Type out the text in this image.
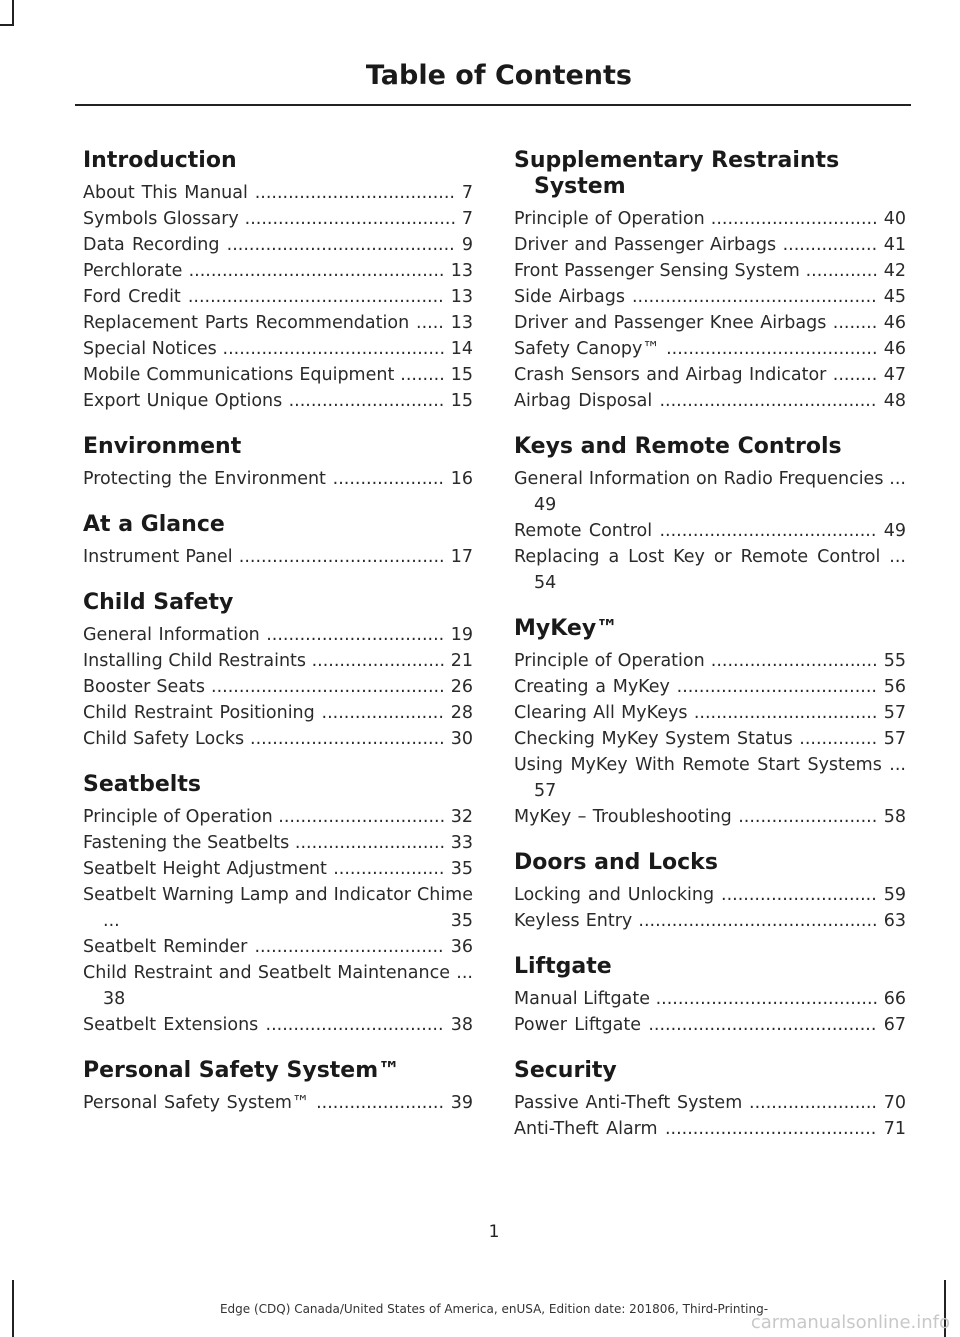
Table of Contents
Introduction
About This Manual .................................... 7
Symbols Glossary ...................................... 7
Data Recording ......................................... 9
Perchlorate .............................................. 13
Ford Credit .............................................. 13
Replacement Parts Recommendation ..... 13
Special Notices ........................................ 14
Mobile Communications Equipment ........ 15
Export Unique Options ............................ 15
Environment
Protecting the Environment .................... 16
At a Glance
Instrument Panel ..................................... 17
Child Safety
General Information ................................ 19
Installing Child Restraints ........................ 21
Booster Seats .......................................... 26
Child Restraint Positioning ...................... 28
Child Safety Locks ................................... 30
Seatbelts
Principle of Operation .............................. 32
Fastening the Seatbelts ........................... 33
Seatbelt Height Adjustment .................... 35
Seatbelt Warning Lamp and Indicator Chime ... 35
Seatbelt Reminder .................................. 36
Child Restraint and Seatbelt Maintenance ... 38
Seatbelt Extensions ................................ 38
Personal Safety System™
Personal Safety System™ ....................... 39
Supplementary Restraints System
Principle of Operation .............................. 40
Driver and Passenger Airbags ................. 41
Front Passenger Sensing System ............. 42
Side Airbags ............................................ 45
Driver and Passenger Knee Airbags ........ 46
Safety Canopy™ ...................................... 46
Crash Sensors and Airbag Indicator ........ 47
Airbag Disposal ....................................... 48
Keys and Remote Controls
General Information on Radio Frequencies ... 49
Remote Control ....................................... 49
Replacing a Lost Key or Remote Control ... 54
MyKey™
Principle of Operation .............................. 55
Creating a MyKey .................................... 56
Clearing All MyKeys ................................. 57
Checking MyKey System Status .............. 57
Using MyKey With Remote Start Systems ... 57
MyKey – Troubleshooting ......................... 58
Doors and Locks
Locking and Unlocking ............................ 59
Keyless Entry ........................................... 63
Liftgate
Manual Liftgate ........................................ 66
Power Liftgate ......................................... 67
Security
Passive Anti-Theft System ....................... 70
Anti-Theft Alarm ...................................... 71
1
Edge (CDQ) Canada/United States of America, enUSA, Edition date: 201806, Third-Printing-
carmanualsonline.info
